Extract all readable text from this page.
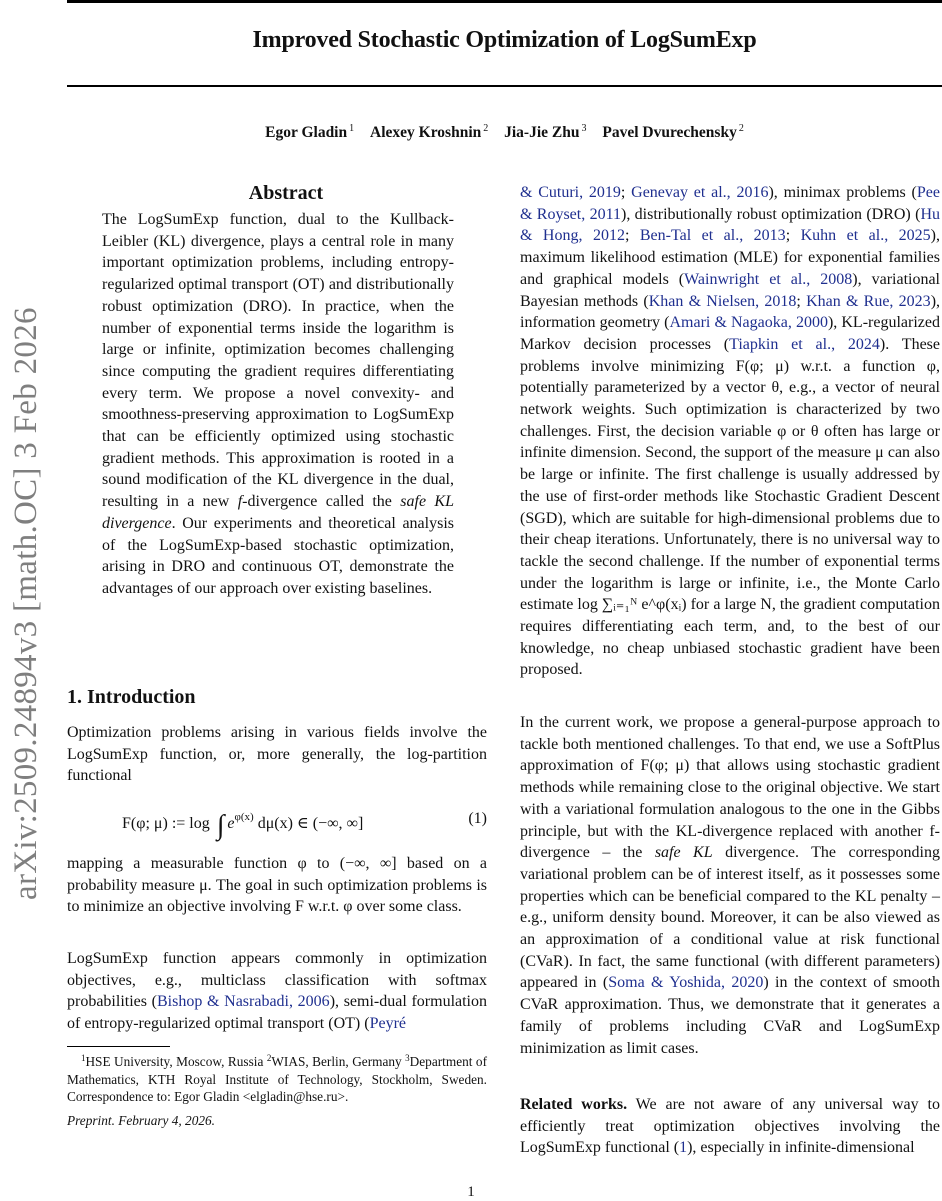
Improved Stochastic Optimization of LogSumExp
Egor Gladin $^1$ Alexey Kroshnin $^2$ Jia-Jie Zhu $^3$ Pavel Dvurechensky $^2$
arXiv:2509.24894v3 [math.OC] 3 Feb 2026
Abstract

The LogSumExp function, dual to the Kullback-Leibler (KL) divergence, plays a central role in many important optimization problems, including entropy-regularized optimal transport (OT) and distributionally robust optimization (DRO). In practice, when the number of exponential terms inside the logarithm is large or infinite, optimization becomes challenging since computing the gradient requires differentiating every term. We propose a novel convexity- and smoothness-preserving approximation to LogSumExp that can be efficiently optimized using stochastic gradient methods. This approximation is rooted in a sound modification of the KL divergence in the dual, resulting in a new f-divergence called the safe KL divergence. Our experiments and theoretical analysis of the LogSumExp-based stochastic optimization, arising in DRO and continuous OT, demonstrate the advantages of our approach over existing baselines.

1. Introduction

Optimization problems arising in various fields involve the LogSumExp function, or, more generally, the log-partition functional

F(φ; μ) := log ∫ $e^{\varphi(x)}$ dμ(x) ∈ (−∞, ∞]	(1)

mapping a measurable function φ to (−∞, ∞] based on a probability measure μ. The goal in such optimization problems is to minimize an objective involving F w.r.t. φ over some class.

LogSumExp function appears commonly in optimization objectives, e.g., multiclass classification with softmax probabilities (Bishop & Nasrabadi, 2006), semi-dual formulation of entropy-regularized optimal transport (OT) (Peyré

$^1$HSE University, Moscow, Russia $^2$WIAS, Berlin, Germany $^3$Department of Mathematics, KTH Royal Institute of Technology, Stockholm, Sweden. Correspondence to: Egor Gladin <elgladin@hse.ru>.
Preprint. February 4, 2026.

& Cuturi, 2019; Genevay et al., 2016), minimax problems (Pee & Royset, 2011), distributionally robust optimization (DRO) (Hu & Hong, 2012; Ben-Tal et al., 2013; Kuhn et al., 2025), maximum likelihood estimation (MLE) for exponential families and graphical models (Wainwright et al., 2008), variational Bayesian methods (Khan & Nielsen, 2018; Khan & Rue, 2023), information geometry (Amari & Nagaoka, 2000), KL-regularized Markov decision processes (Tiapkin et al., 2024). These problems involve minimizing F(φ; μ) w.r.t. a function φ, potentially parameterized by a vector θ, e.g., a vector of neural network weights. Such optimization is characterized by two challenges. First, the decision variable φ or θ often has large or infinite dimension. Second, the support of the measure μ can also be large or infinite. The first challenge is usually addressed by the use of first-order methods like Stochastic Gradient Descent (SGD), which are suitable for high-dimensional problems due to their cheap iterations. Unfortunately, there is no universal way to tackle the second challenge. If the number of exponential terms under the logarithm is large or infinite, i.e., the Monte Carlo estimate log ∑ᵢ₌₁ᴺ e^φ(xᵢ) for a large N, the gradient computation requires differentiating each term, and, to the best of our knowledge, no cheap unbiased stochastic gradient have been proposed.

In the current work, we propose a general-purpose approach to tackle both mentioned challenges. To that end, we use a SoftPlus approximation of F(φ; μ) that allows using stochastic gradient methods while remaining close to the original objective. We start with a variational formulation analogous to the one in the Gibbs principle, but with the KL-divergence replaced with another f-divergence – the safe KL divergence. The corresponding variational problem can be of interest itself, as it possesses some properties which can be beneficial compared to the KL penalty – e.g., uniform density bound. Moreover, it can be also viewed as an approximation of a conditional value at risk functional (CVaR). In fact, the same functional (with different parameters) appeared in (Soma & Yoshida, 2020) in the context of smooth CVaR approximation. Thus, we demonstrate that it generates a family of problems including CVaR and LogSumExp minimization as limit cases.

Related works. We are not aware of any universal way to efficiently treat optimization objectives involving the LogSumExp functional (1), especially in infinite-dimensional

1
